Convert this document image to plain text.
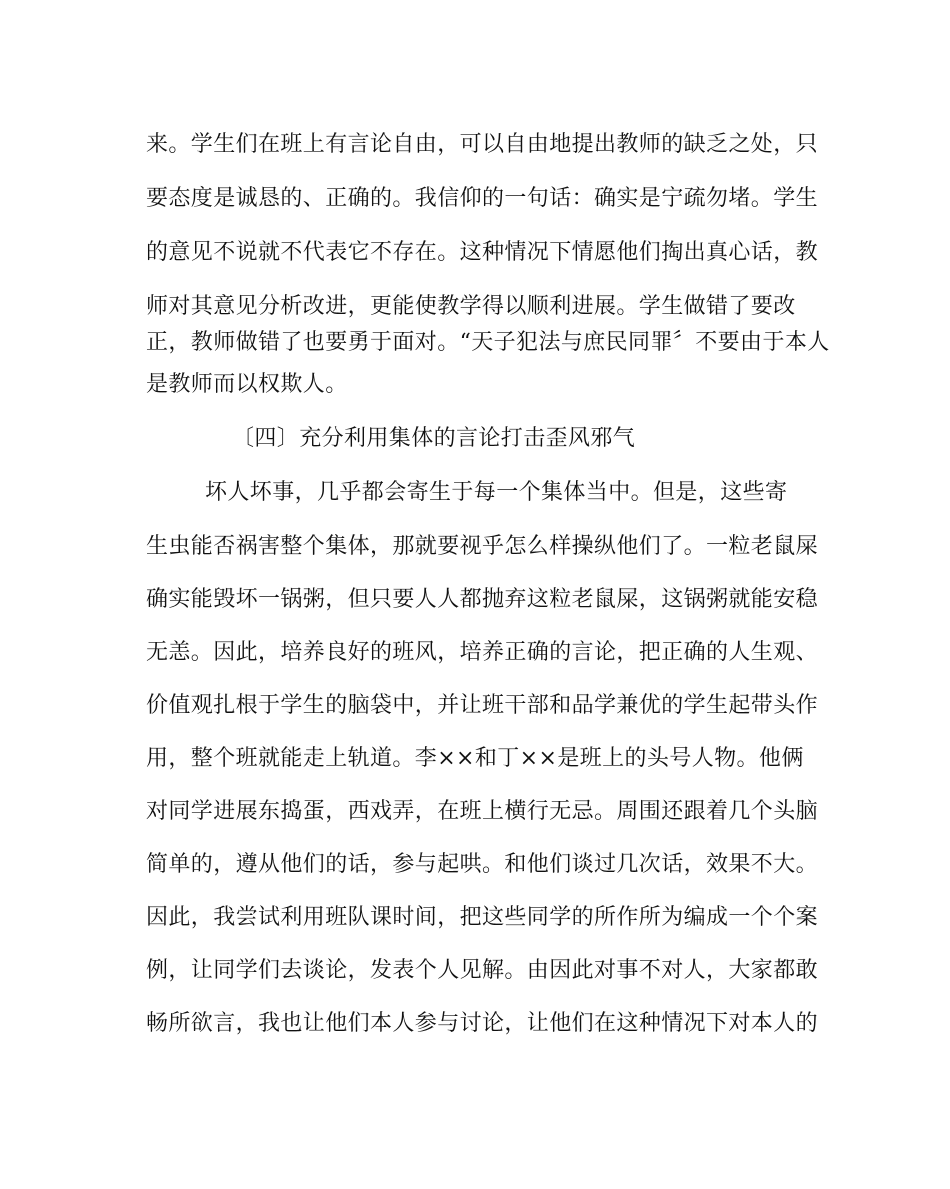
来。学生们在班上有言论自由，可以自由地提出教师的缺乏之处，只
要态度是诚恳的、正确的。我信仰的一句话：确实是宁疏勿堵。学生
的意见不说就不代表它不存在。这种情况下情愿他们掏出真心话，教
师对其意见分析改进，更能使教学得以顺利进展。学生做错了要改
正，教师做错了也要勇于面对。“天子犯法与庶民同罪〞不要由于本人
是教师而以权欺人。
〔四〕充分利用集体的言论打击歪风邪气
坏人坏事，几乎都会寄生于每一个集体当中。但是，这些寄
生虫能否祸害整个集体，那就要视乎怎么样操纵他们了。一粒老鼠屎
确实能毁坏一锅粥，但只要人人都抛弃这粒老鼠屎，这锅粥就能安稳
无恙。因此，培养良好的班风，培养正确的言论，把正确的人生观、
价值观扎根于学生的脑袋中，并让班干部和品学兼优的学生起带头作
用，整个班就能走上轨道。李××和丁××是班上的头号人物。他俩
对同学进展东捣蛋，西戏弄，在班上横行无忌。周围还跟着几个头脑
简单的，遵从他们的话，参与起哄。和他们谈过几次话，效果不大。
因此，我尝试利用班队课时间，把这些同学的所作所为编成一个个案
例，让同学们去谈论，发表个人见解。由因此对事不对人，大家都敢
畅所欲言，我也让他们本人参与讨论，让他们在这种情况下对本人的
